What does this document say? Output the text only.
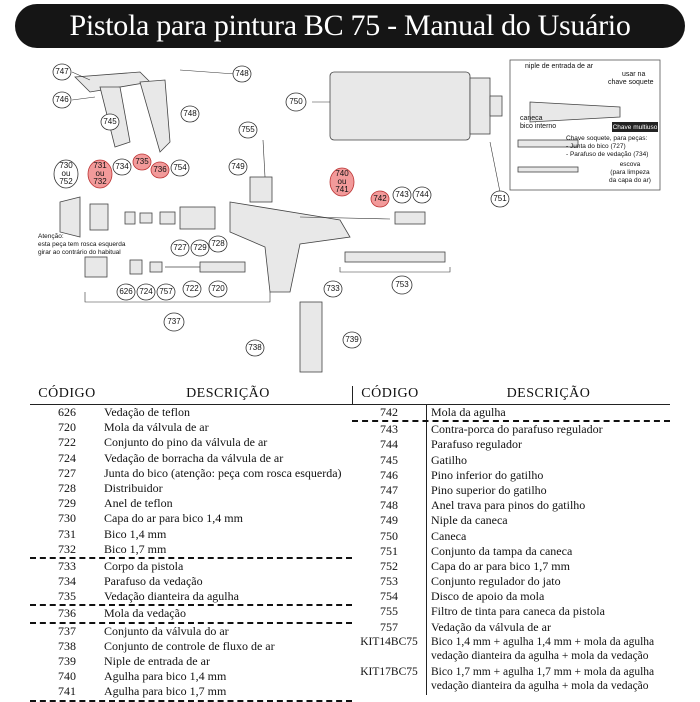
Pistola para pintura BC 75 - Manual do Usuário
Chave multiuso
niple de entrada de ar
usar na chave soquete
caneca bico interno
Chave soquete, para peças: - Junta do bico (727) - Parafuso de vedação (734)
escova (para limpeza da capa do ar)
Atenção: esta peça tem rosca esquerda girar ao contrário do habitual
747
746
748
745
748
750
755
749
730 ou 752
731 ou 732
734
735
736 754
740 ou 741
742 743 744	751
727 729 728
626 724 757 722 720
737
733	753
739
738
CÓDIGO	DESCRIÇÃO
626	Vedação de teflon
720	Mola da válvula de ar
722	Conjunto do pino da válvula de ar
724	Vedação de borracha da válvula de ar
727	Junta do bico (atenção: peça com rosca esquerda)
728	Distribuidor
729	Anel de teflon
730	Capa do ar para bico 1,4 mm
731	Bico 1,4 mm
732	Bico 1,7 mm
733	Corpo da pistola
734	Parafuso da vedação
735	Vedação dianteira da agulha
736	Mola da vedação
737	Conjunto da válvula do ar
738	Conjunto de controle de fluxo de ar
739	Niple de entrada de ar
740	Agulha para bico 1,4 mm
741	Agulha para bico 1,7 mm
CÓDIGO	DESCRIÇÃO
742	Mola da agulha
743	Contra-porca do parafuso regulador
744	Parafuso regulador
745	Gatilho
746	Pino inferior do gatilho
747	Pino superior do gatilho
748	Anel trava para pinos do gatilho
749	Niple da caneca
750	Caneca
751	Conjunto da tampa da caneca
752	Capa do ar para bico 1,7 mm
753	Conjunto regulador do jato
754	Disco de apoio da mola
755	Filtro de tinta para caneca da pistola
757	Vedação da válvula de ar
KIT14BC75	Bico 1,4 mm + agulha 1,4 mm + mola da agulha
vedação dianteira da agulha + mola da vedação
KIT17BC75	Bico 1,7 mm + agulha 1,7 mm + mola da agulha
vedação dianteira da agulha + mola da vedação
